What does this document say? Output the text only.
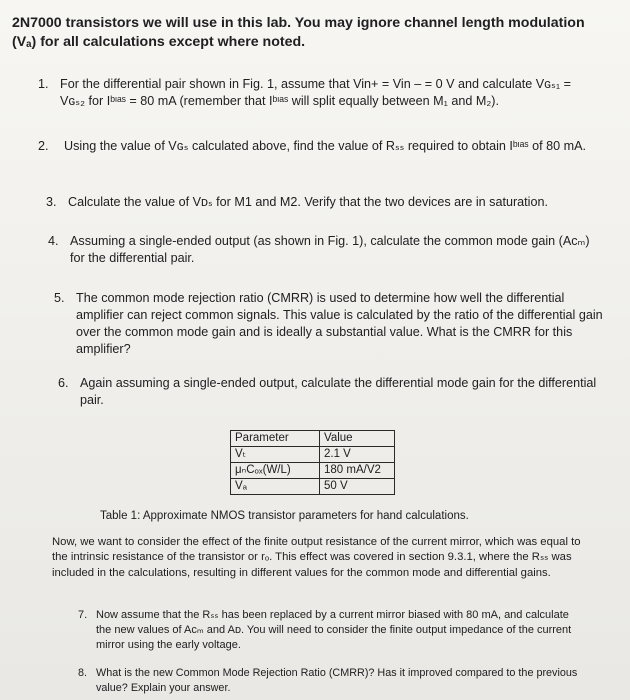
2N7000 transistors we will use in this lab. You may ignore channel length modulation (Vₐ) for all calculations except where noted.
1. For the differential pair shown in Fig. 1, assume that Vin+ = Vin – = 0 V and calculate Vɢₛ₁ = Vɢₛ₂ for Iᵇᶦᵃˢ = 80 mA (remember that Iᵇᶦᵃˢ will split equally between M₁ and M₂).
2.	Using the value of Vɢₛ calculated above, find the value of Rₛₛ required to obtain Iᵇᶦᵃˢ of 80 mA.
3. Calculate the value of Vᴅₛ for M1 and M2. Verify that the two devices are in saturation.
4. Assuming a single-ended output (as shown in Fig. 1), calculate the common mode gain (Aᴄₘ) for the differential pair.
5. The common mode rejection ratio (CMRR) is used to determine how well the differential amplifier can reject common signals. This value is calculated by the ratio of the differential gain over the common mode gain and is ideally a substantial value. What is the CMRR for this amplifier?
6. Again assuming a single-ended output, calculate the differential mode gain for the differential pair.
Parameter	Value
Vₜ	2.1 V
μₙCₒₓ(W/L)	180 mA/V2
Vₐ	50 V
Table 1: Approximate NMOS transistor parameters for hand calculations.
Now, we want to consider the effect of the finite output resistance of the current mirror, which was equal to the intrinsic resistance of the transistor or rₒ. This effect was covered in section 9.3.1, where the Rₛₛ was included in the calculations, resulting in different values for the common mode and differential gains.
7. Now assume that the Rₛₛ has been replaced by a current mirror biased with 80 mA, and calculate the new values of Aᴄₘ and Aᴅ. You will need to consider the finite output impedance of the current mirror using the early voltage.
8. What is the new Common Mode Rejection Ratio (CMRR)? Has it improved compared to the previous value? Explain your answer.
